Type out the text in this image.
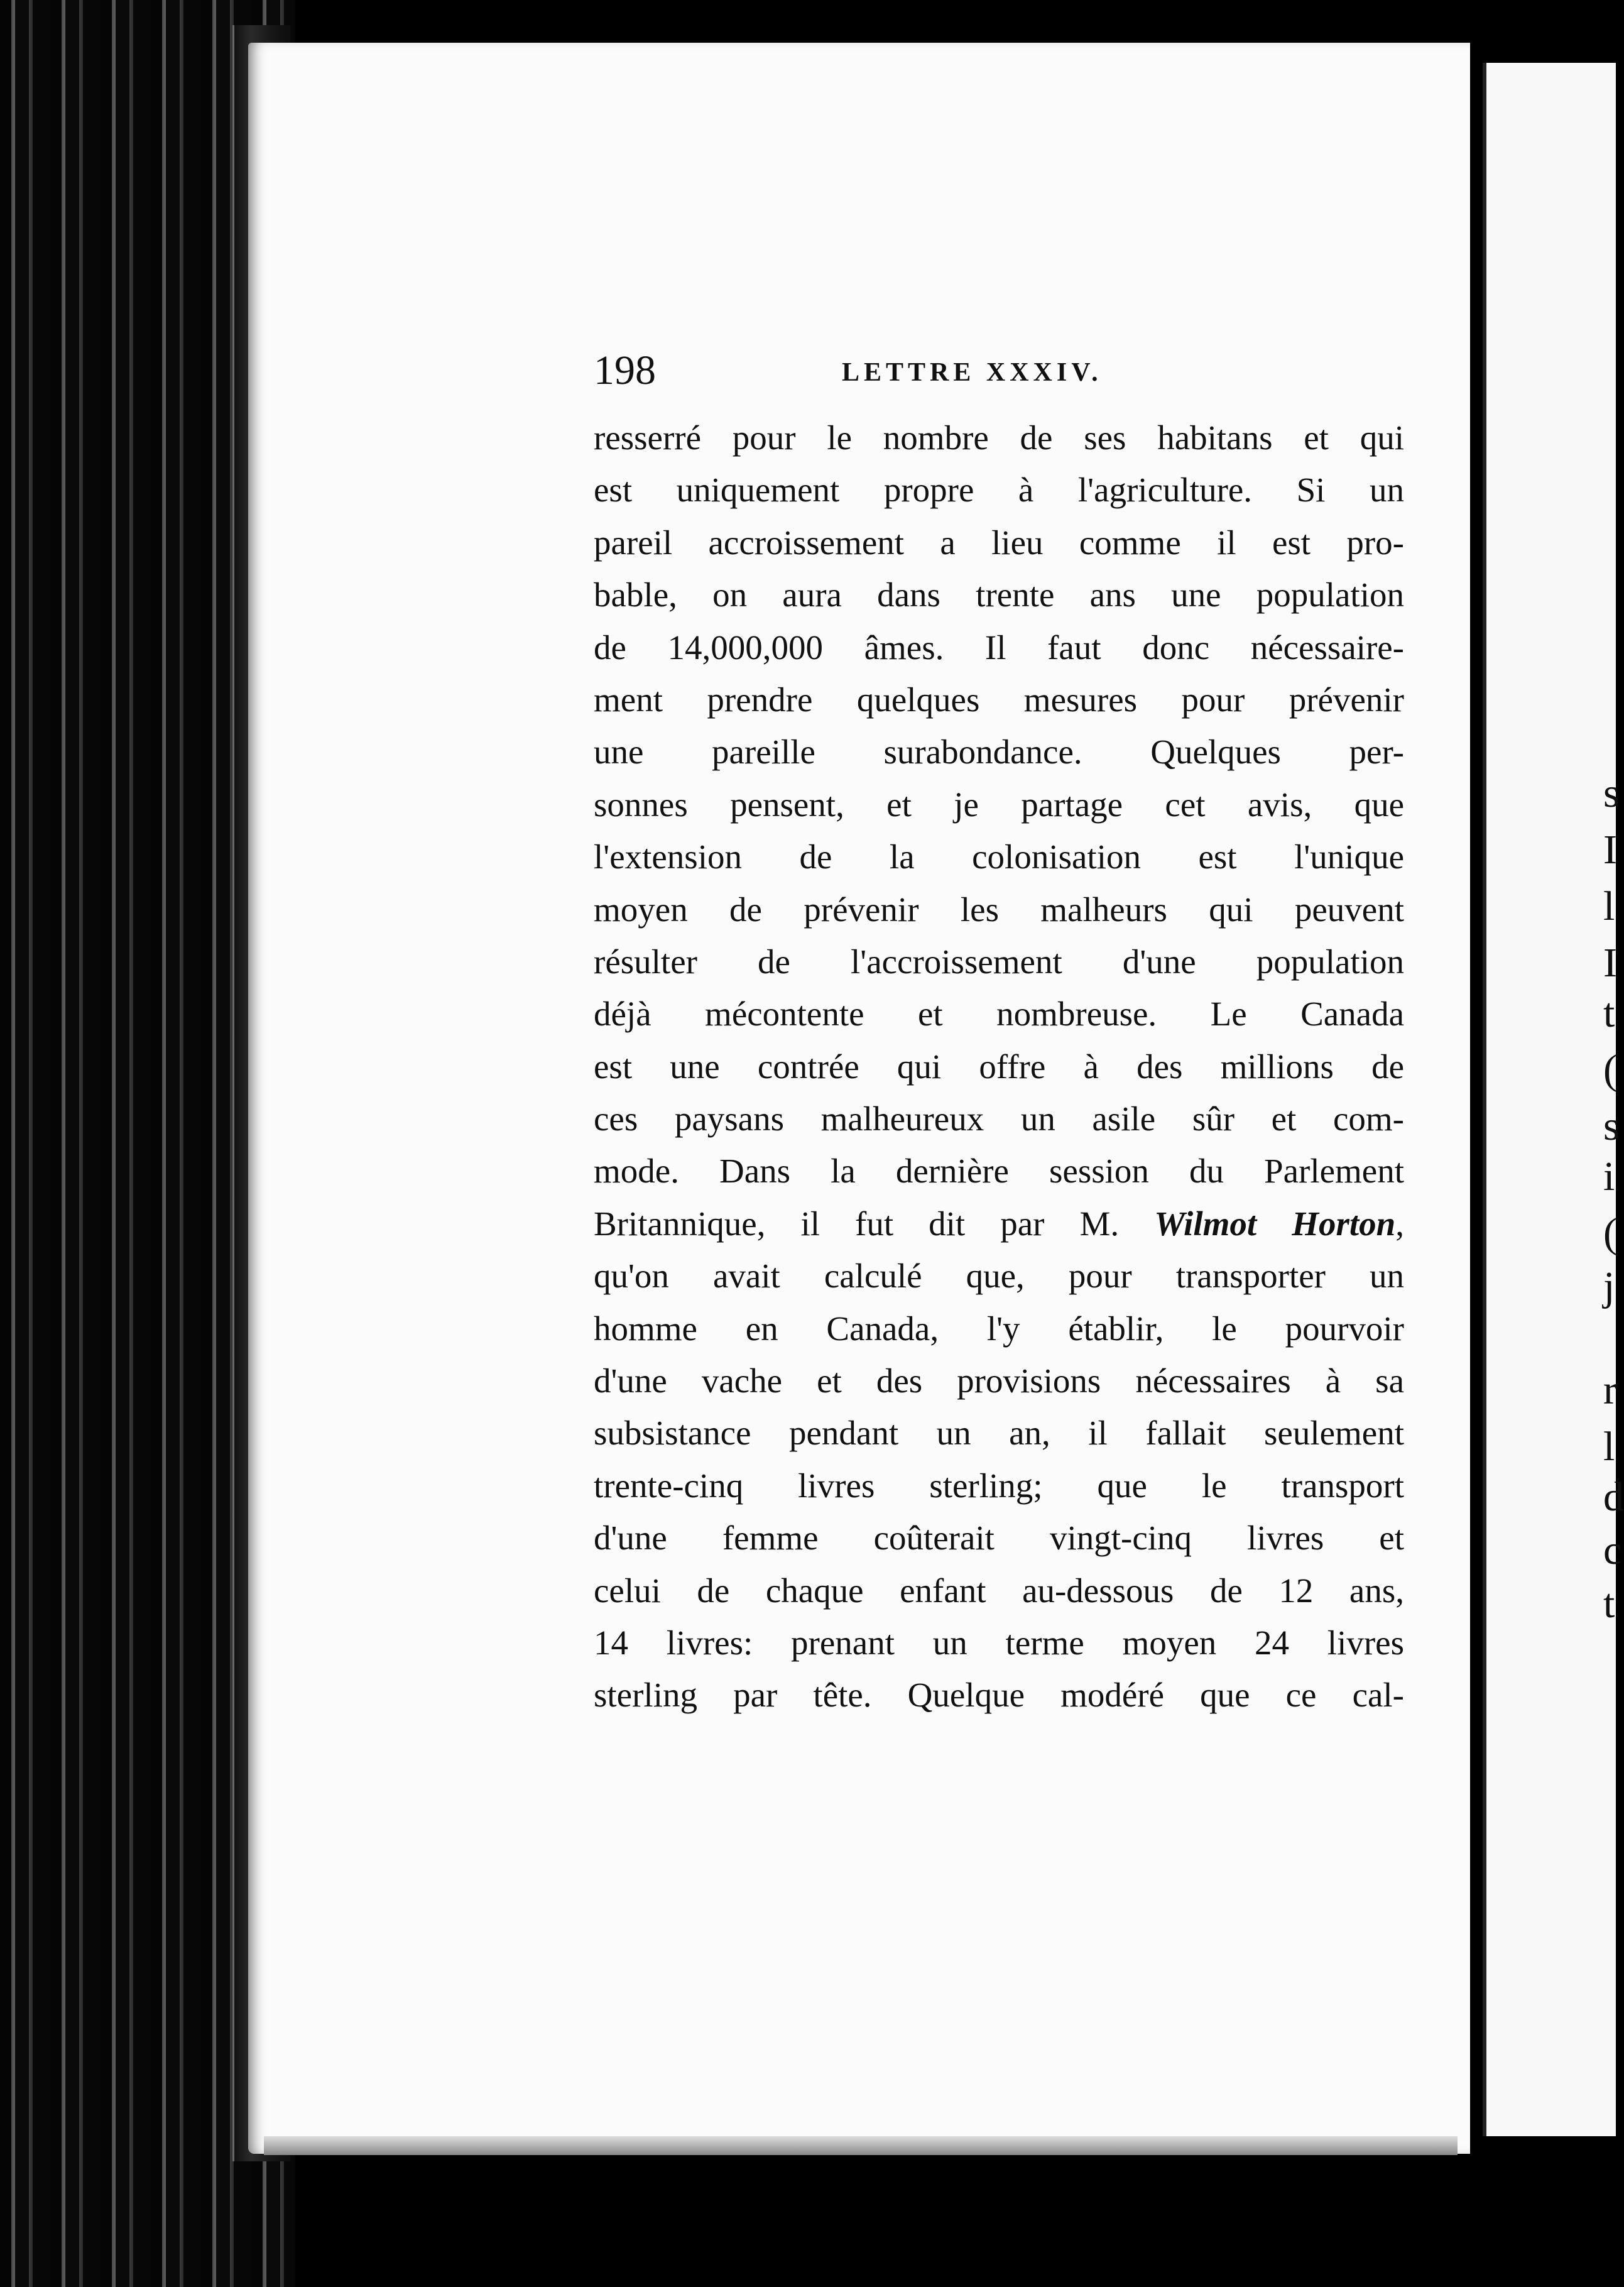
s
I
l
I
t
(
s
i
(
j
r
l
d
c
t
198	LETTRE XXXIV.
resserré pour le nombre de ses habitans et qui
est uniquement propre à l'agriculture. Si un
pareil accroissement a lieu comme il est pro-
bable, on aura dans trente ans une population
de 14,000,000 âmes. Il faut donc nécessaire-
ment prendre quelques mesures pour prévenir
une pareille surabondance. Quelques per-
sonnes pensent, et je partage cet avis, que
l'extension de la colonisation est l'unique
moyen de prévenir les malheurs qui peuvent
résulter de l'accroissement d'une population
déjà mécontente et nombreuse. Le Canada
est une contrée qui offre à des millions de
ces paysans malheureux un asile sûr et com-
mode. Dans la dernière session du Parlement
Britannique, il fut dit par M. Wilmot Horton,
qu'on avait calculé que, pour transporter un
homme en Canada, l'y établir, le pourvoir
d'une vache et des provisions nécessaires à sa
subsistance pendant un an, il fallait seulement
trente-cinq livres sterling; que le transport
d'une femme coûterait vingt-cinq livres et
celui de chaque enfant au-dessous de 12 ans,
14 livres: prenant un terme moyen 24 livres
sterling par tête. Quelque modéré que ce cal-
